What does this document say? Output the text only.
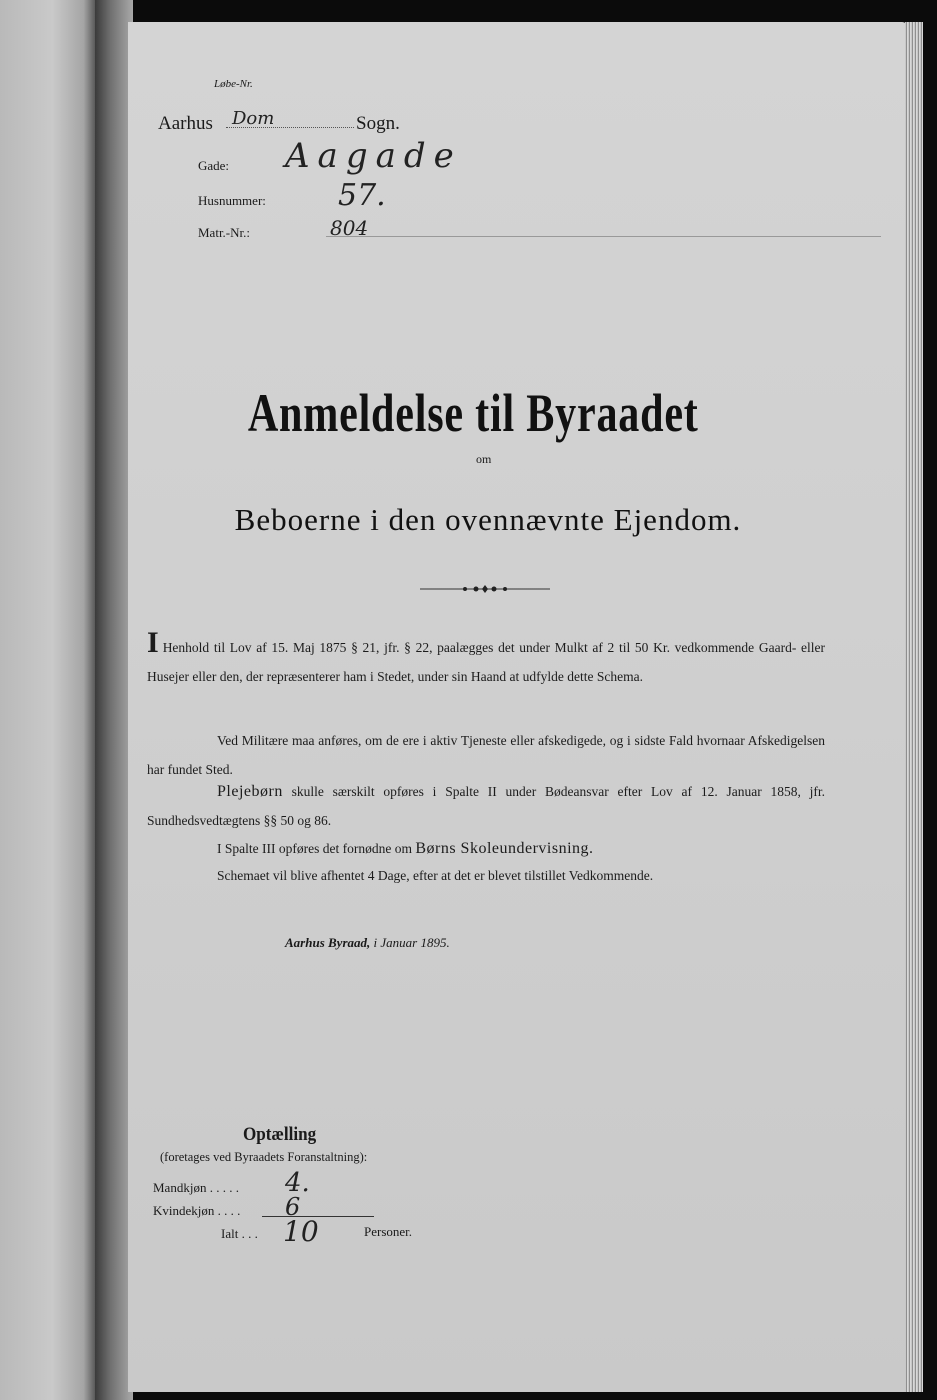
Løbe-Nr.
Aarhus Dom	Sogn.
Gade: Aagade
Husnummer: 57.
Matr.-Nr.:	804
Anmeldelse til Byraadet
om
Beboerne i den ovennævnte Ejendom.
I Henhold til Lov af 15. Maj 1875 § 21, jfr. § 22, paalægges det under Mulkt af 2 til 50 Kr. vedkommende Gaard- eller Husejer eller den, der repræsenterer ham i Stedet, under sin Haand at udfylde dette Schema.
Ved Militære maa anføres, om de ere i aktiv Tjeneste eller afskedigede, og i sidste Fald hvornaar Afskedigelsen har fundet Sted.
Plejebørn skulle særskilt opføres i Spalte II under Bødeansvar efter Lov af 12. Januar 1858, jfr. Sundhedsvedtægtens §§ 50 og 86.
I Spalte III opføres det fornødne om Børns Skoleundervisning.
Schemaet vil blive afhentet 4 Dage, efter at det er blevet tilstillet Vedkommende.
Aarhus Byraad, i Januar 1895.
Optælling
(foretages ved Byraadets Foranstaltning):
Mandkjøn . . . . . 4.
Kvindekjøn . . . . 6
Ialt . . . 10	Personer.
